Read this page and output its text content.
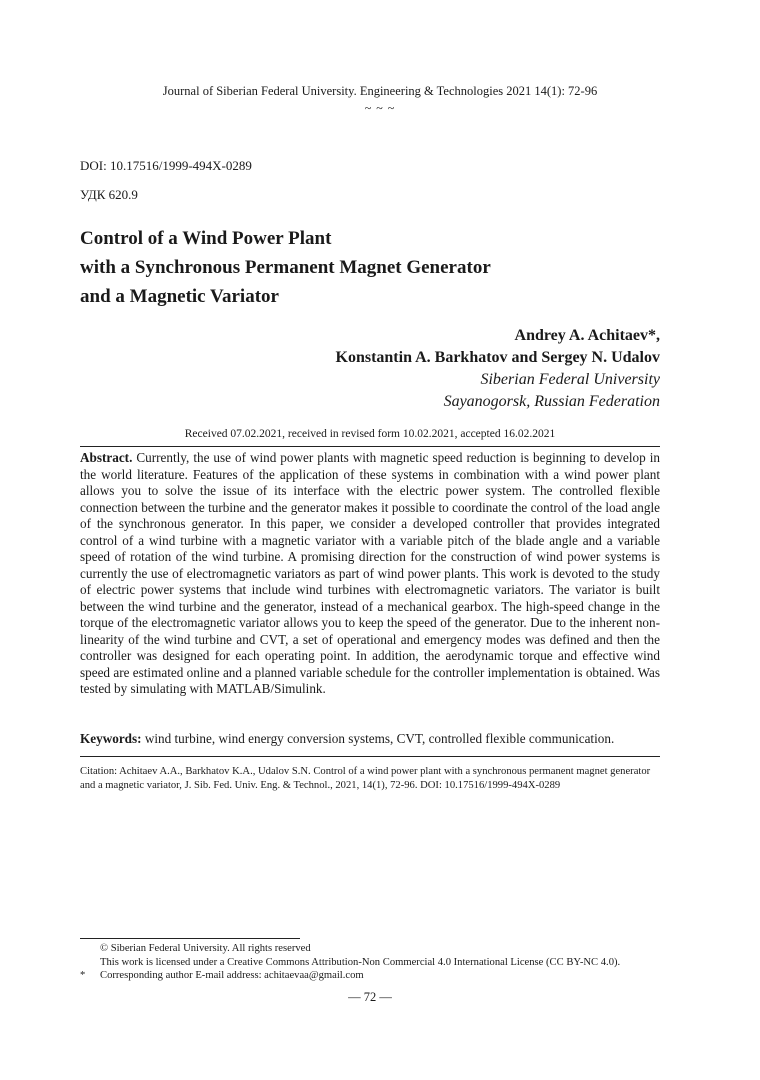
Journal of Siberian Federal University. Engineering & Technologies 2021 14(1): 72-96
~ ~ ~
DOI: 10.17516/1999-494X-0289
УДК 620.9
Control of a Wind Power Plant
with a Synchronous Permanent Magnet Generator
and a Magnetic Variator
Andrey A. Achitaev*,
Konstantin A. Barkhatov and Sergey N. Udalov
Siberian Federal University
Sayanogorsk, Russian Federation
Received 07.02.2021, received in revised form 10.02.2021, accepted 16.02.2021
Abstract. Currently, the use of wind power plants with magnetic speed reduction is beginning to develop in the world literature. Features of the application of these systems in combination with a wind power plant allows you to solve the issue of its interface with the electric power system. The controlled flexible connection between the turbine and the generator makes it possible to coordinate the control of the load angle of the synchronous generator. In this paper, we consider a developed controller that provides integrated control of a wind turbine with a magnetic variator with a variable pitch of the blade angle and a variable speed of rotation of the wind turbine. A promising direction for the construction of wind power systems is currently the use of electromagnetic variators as part of wind power plants. This work is devoted to the study of electric power systems that include wind turbines with electromagnetic variators. The variator is built between the wind turbine and the generator, instead of a mechanical gearbox. The high-speed change in the torque of the electromagnetic variator allows you to keep the speed of the generator. Due to the inherent non-linearity of the wind turbine and CVT, a set of operational and emergency modes was defined and then the controller was designed for each operating point. In addition, the aerodynamic torque and effective wind speed are estimated online and a planned variable schedule for the controller implementation is obtained. Was tested by simulating with MATLAB/Simulink.
Keywords: wind turbine, wind energy conversion systems, CVT, controlled flexible communication.
Citation: Achitaev A.A., Barkhatov K.A., Udalov S.N. Control of a wind power plant with a synchronous permanent magnet generator and a magnetic variator, J. Sib. Fed. Univ. Eng. & Technol., 2021, 14(1), 72-96. DOI: 10.17516/1999-494X-0289
© Siberian Federal University. All rights reserved
This work is licensed under a Creative Commons Attribution-Non Commercial 4.0 International License (CC BY-NC 4.0).
* Corresponding author E-mail address: achitaevaa@gmail.com
— 72 —
